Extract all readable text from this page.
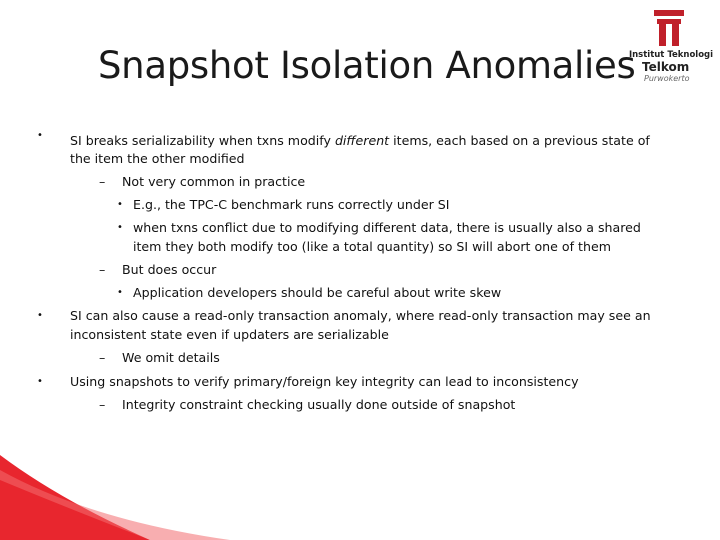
Snapshot Isolation Anomalies
Institut Teknologi
Telkom
Purwokerto
• SI breaks serializability when txns modify different items, each based on a previous state of
the item the other modified
– Not very common in practice
• E.g., the TPC-C benchmark runs correctly under SI
• when txns conflict due to modifying different data, there is usually also a shared
item they both modify too (like a total quantity) so SI will abort one of them
– But does occur
• Application developers should be careful about write skew
• SI can also cause a read-only transaction anomaly, where read-only transaction may see an
inconsistent state even if updaters are serializable
– We omit details
• Using snapshots to verify primary/foreign key integrity can lead to inconsistency
– Integrity constraint checking usually done outside of snapshot
